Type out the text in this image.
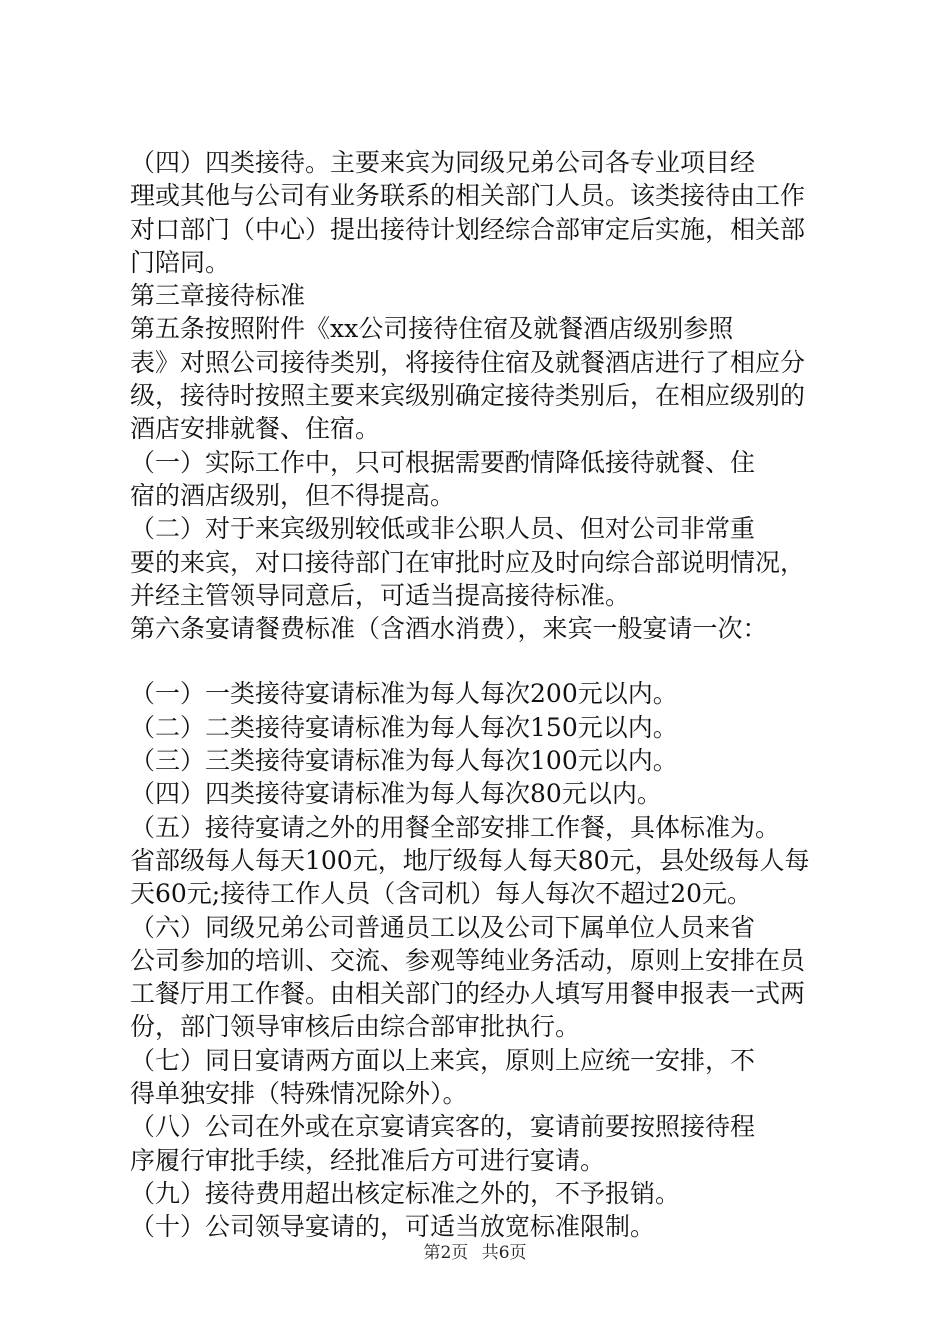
（四）四类接待。主要来宾为同级兄弟公司各专业项目经
理或其他与公司有业务联系的相关部门人员。该类接待由工作
对口部门（中心）提出接待计划经综合部审定后实施，相关部
门陪同。
第三章接待标准
第五条按照附件《xx公司接待住宿及就餐酒店级别参照
表》对照公司接待类别，将接待住宿及就餐酒店进行了相应分
级，接待时按照主要来宾级别确定接待类别后，在相应级别的
酒店安排就餐、住宿。
（一）实际工作中，只可根据需要酌情降低接待就餐、住
宿的酒店级别，但不得提高。
（二）对于来宾级别较低或非公职人员、但对公司非常重
要的来宾，对口接待部门在审批时应及时向综合部说明情况，
并经主管领导同意后，可适当提高接待标准。
第六条宴请餐费标准（含酒水消费），来宾一般宴请一次：
（一）一类接待宴请标准为每人每次200元以内。
（二）二类接待宴请标准为每人每次150元以内。
（三）三类接待宴请标准为每人每次100元以内。
（四）四类接待宴请标准为每人每次80元以内。
（五）接待宴请之外的用餐全部安排工作餐，具体标准为。
省部级每人每天100元，地厅级每人每天80元，县处级每人每
天60元;接待工作人员（含司机）每人每次不超过20元。
（六）同级兄弟公司普通员工以及公司下属单位人员来省
公司参加的培训、交流、参观等纯业务活动，原则上安排在员
工餐厅用工作餐。由相关部门的经办人填写用餐申报表一式两
份，部门领导审核后由综合部审批执行。
（七）同日宴请两方面以上来宾，原则上应统一安排，不
得单独安排（特殊情况除外）。
（八）公司在外或在京宴请宾客的，宴请前要按照接待程
序履行审批手续，经批准后方可进行宴请。
（九）接待费用超出核定标准之外的，不予报销。
（十）公司领导宴请的，可适当放宽标准限制。
第2页 共6页
